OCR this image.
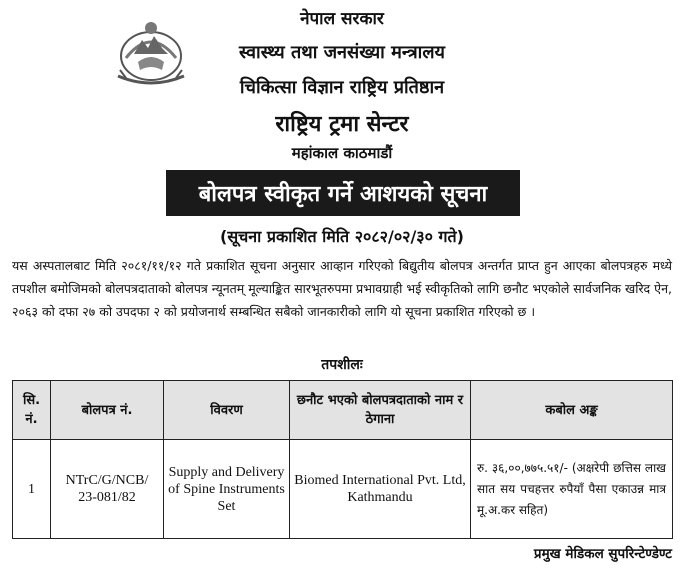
नेपाल सरकार
स्वास्थ्य तथा जनसंख्या मन्त्रालय
चिकित्सा विज्ञान राष्ट्रिय प्रतिष्ठान
राष्ट्रिय ट्रमा सेन्टर
महांकाल काठमाडौं
बोलपत्र स्वीकृत गर्ने आशयको सूचना
(सूचना प्रकाशित मिति २०८२/०२/३० गते)
यस अस्पतालबाट मिति २०८१/११/१२ गते प्रकाशित सूचना अनुसार आव्हान गरिएको बिद्युतीय बोलपत्र अन्तर्गत प्राप्त हुन आएका बोलपत्रहरु मध्ये तपशील बमोजिमको बोलपत्रदाताको बोलपत्र न्यूनतम् मूल्याङ्कित सारभूतरुपमा प्रभावग्राही भई स्वीकृतिको लागि छनौट भएकोले सार्वजनिक खरिद ऐन, २०६३ को दफा २७ को उपदफा २ को प्रयोजनार्थ सम्बन्धित सबैको जानकारीको लागि यो सूचना प्रकाशित गरिएको छ ।
तपशीलः
सि. नं.	बोलपत्र नं.	विवरण	छनौट भएको बोलपत्रदाताको नाम र ठेगाना	कबोल अङ्क
1	NTrC/G/NCB/ 23-081/82	Supply and Delivery of Spine Instruments Set	Biomed International Pvt. Ltd, Kathmandu	रु. ३६,००,७७५.५१/- (अक्षरेपी छत्तिस लाख सात सय पचहत्तर रुपैयाँ पैसा एकाउन्न मात्र मू.अ.कर सहित)
प्रमुख मेडिकल सुपरिन्टेण्डेण्ट
